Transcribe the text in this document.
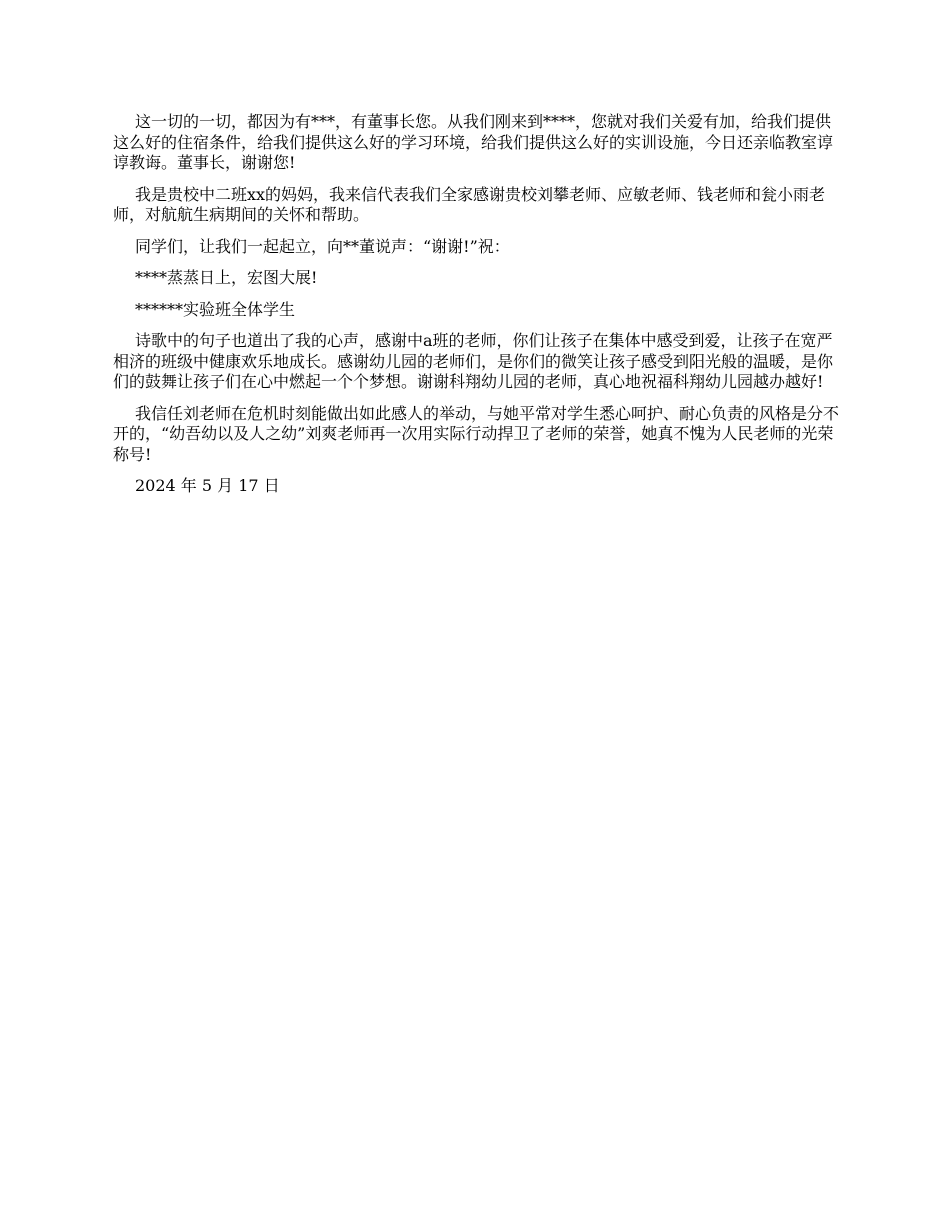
这一切的一切，都因为有***，有董事长您。从我们刚来到****，您就对我们关爱有加，给我们提供这么好的住宿条件，给我们提供这么好的学习环境，给我们提供这么好的实训设施，今日还亲临教室谆谆教诲。董事长，谢谢您!

我是贵校中二班xx的妈妈，我来信代表我们全家感谢贵校刘攀老师、应敏老师、钱老师和瓮小雨老师，对航航生病期间的关怀和帮助。

同学们，让我们一起起立，向**董说声：“谢谢!”祝：

****蒸蒸日上，宏图大展!

******实验班全体学生

诗歌中的句子也道出了我的心声，感谢中a班的老师，你们让孩子在集体中感受到爱，让孩子在宽严相济的班级中健康欢乐地成长。感谢幼儿园的老师们，是你们的微笑让孩子感受到阳光般的温暖，是你们的鼓舞让孩子们在心中燃起一个个梦想。谢谢科翔幼儿园的老师，真心地祝福科翔幼儿园越办越好!

我信任刘老师在危机时刻能做出如此感人的举动，与她平常对学生悉心呵护、耐心负责的风格是分不开的，“幼吾幼以及人之幼”刘爽老师再一次用实际行动捍卫了老师的荣誉，她真不愧为人民老师的光荣称号!

2024 年 5 月 17 日
